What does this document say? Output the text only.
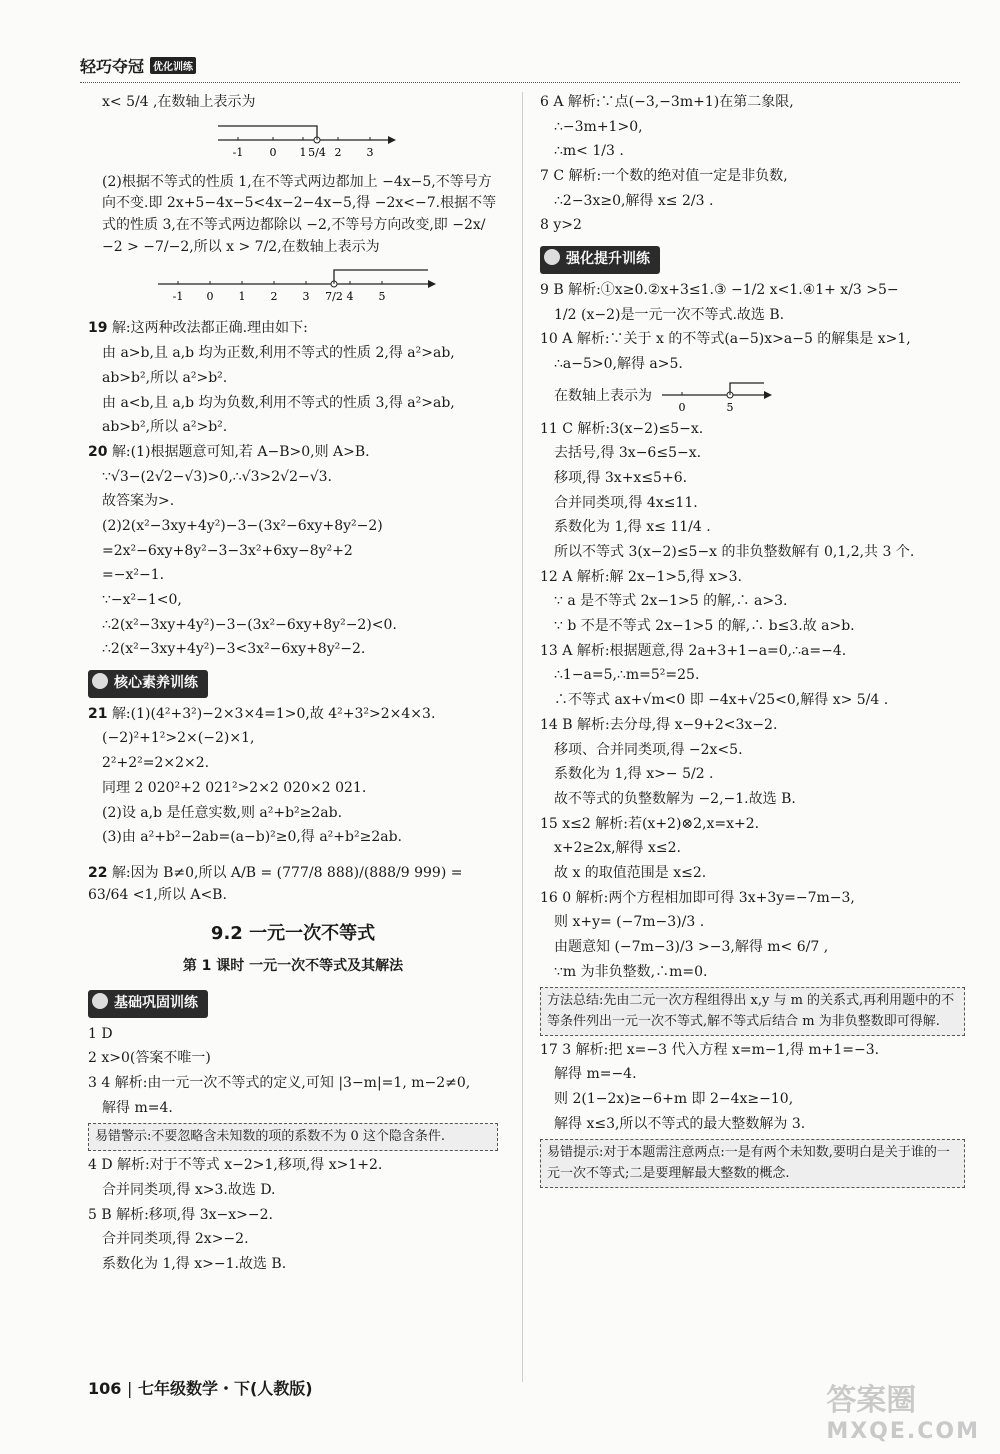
轻巧夺冠 优化训练

x< 5/4 ,在数轴上表示为

-1 0 1 5/4 2 3

(2)根据不等式的性质 1,在不等式两边都加上 −4x−5,不等号方向不变.即 2x+5−4x−5<4x−2−4x−5,得 −2x<−7.根据不等式的性质 3,在不等式两边都除以 −2,不等号方向改变,即 −2x/−2 > −7/−2,所以 x > 7/2,在数轴上表示为

-1 0 1 2 3 7/2 4 5

19 解:这两种改法都正确.理由如下:

由 a>b,且 a,b 均为正数,利用不等式的性质 2,得 a²>ab,

ab>b²,所以 a²>b².

由 a<b,且 a,b 均为负数,利用不等式的性质 3,得 a²>ab,

ab>b²,所以 a²>b².

20 解:(1)根据题意可知,若 A−B>0,则 A>B.

∵√3−(2√2−√3)>0,∴√3>2√2−√3.

故答案为>.

(2)2(x²−3xy+4y²)−3−(3x²−6xy+8y²−2)

=2x²−6xy+8y²−3−3x²+6xy−8y²+2

=−x²−1.

∵−x²−1<0,

∴2(x²−3xy+4y²)−3−(3x²−6xy+8y²−2)<0.

∴2(x²−3xy+4y²)−3<3x²−6xy+8y²−2.

核心素养训练

21 解:(1)(4²+3²)−2×3×4=1>0,故 4²+3²>2×4×3.

(−2)²+1²>2×(−2)×1,

2²+2²=2×2×2.

同理 2 020²+2 021²>2×2 020×2 021.

(2)设 a,b 是任意实数,则 a²+b²≥2ab.

(3)由 a²+b²−2ab=(a−b)²≥0,得 a²+b²≥2ab.

22 解:因为 B≠0,所以 A/B = (777/8 888)/(888/9 999) = 63/64 <1,所以 A<B.

9.2 一元一次不等式
第 1 课时 一元一次不等式及其解法
基础巩固训练

1 D

2 x>0(答案不唯一)

3 4 解析:由一元一次不等式的定义,可知 |3−m|=1, m−2≠0,

解得 m=4.

易错警示:不要忽略含未知数的项的系数不为 0 这个隐含条件.

4 D 解析:对于不等式 x−2>1,移项,得 x>1+2.

合并同类项,得 x>3.故选 D.

5 B 解析:移项,得 3x−x>−2.

合并同类项,得 2x>−2.

系数化为 1,得 x>−1.故选 B.

6 A 解析:∵点(−3,−3m+1)在第二象限,

∴−3m+1>0,

∴m< 1/3 .

7 C 解析:一个数的绝对值一定是非负数,

∴2−3x≥0,解得 x≤ 2/3 .

8 y>2

强化提升训练

9 B 解析:①x≥0.②x+3≤1.③ −1/2 x<1.④1+ x/3 >5−

1/2 (x−2)是一元一次不等式.故选 B.

10 A 解析:∵关于 x 的不等式(a−5)x>a−5 的解集是 x>1,

∴a−5>0,解得 a>5.

在数轴上表示为
0	5

11 C 解析:3(x−2)≤5−x.

去括号,得 3x−6≤5−x.

移项,得 3x+x≤5+6.

合并同类项,得 4x≤11.

系数化为 1,得 x≤ 11/4 .

所以不等式 3(x−2)≤5−x 的非负整数解有 0,1,2,共 3 个.

12 A 解析:解 2x−1>5,得 x>3.

∵ a 是不等式 2x−1>5 的解,∴ a>3.

∵ b 不是不等式 2x−1>5 的解,∴ b≤3.故 a>b.

13 A 解析:根据题意,得 2a+3+1−a=0,∴a=−4.

∴1−a=5,∴m=5²=25.

∴不等式 ax+√m<0 即 −4x+√25<0,解得 x> 5/4 .

14 B 解析:去分母,得 x−9+2<3x−2.

移项、合并同类项,得 −2x<5.

系数化为 1,得 x>− 5/2 .

故不等式的负整数解为 −2,−1.故选 B.

15 x≤2 解析:若(x+2)⊗2,x=x+2.

x+2≥2x,解得 x≤2.

故 x 的取值范围是 x≤2.

16 0 解析:两个方程相加即可得 3x+3y=−7m−3,

则 x+y= (−7m−3)/3 .

由题意知 (−7m−3)/3 >−3,解得 m< 6/7 ,

∵m 为非负整数,∴m=0.

方法总结:先由二元一次方程组得出 x,y 与 m 的关系式,再利用题中的不等条件列出一元一次不等式,解不等式后结合 m 为非负整数即可得解.

17 3 解析:把 x=−3 代入方程 x=m−1,得 m+1=−3.

解得 m=−4.

则 2(1−2x)≥−6+m 即 2−4x≥−10,

解得 x≤3,所以不等式的最大整数解为 3.

易错提示:对于本题需注意两点:一是有两个未知数,要明白是关于谁的一元一次不等式;二是要理解最大整数的概念.
106 | 七年级数学・下(人教版)	答案圈
MXQE.COM
